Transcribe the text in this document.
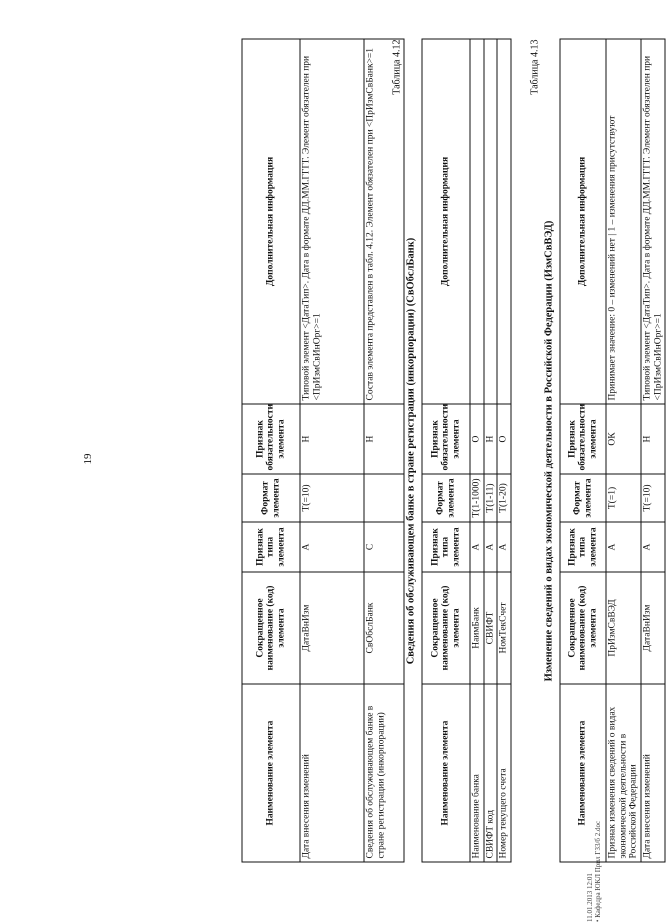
19
Наименование элемента	Сокращенное наименование (код) элемента	Признак типа элемента	Формат элемента	Признак обязательности элемента	Дополнительная информация
Дата внесения изменений	ДатаВнИзм	А	T(=10)	Н	Типовой элемент <ДатаТип>. Дата в формате ДД.ММ.ГГГГ. Элемент обязателен при <ПрИзмСвИнОрг>=1
Сведения об обслуживающем банке в стране регистрации (инкорпорации)	СвОбслБанк	С		Н	Состав элемента представлен в табл. 4.12. Элемент обязателен при <ПрИзмСвБанк>=1 Таблица 4.12
Сведения об обслуживающем банке в стране регистрации (инкорпорации) (СвОбслБанк)
Наименование элемента	Сокращенное наименование (код) элемента	Признак типа элемента	Формат элемента	Признак обязательности элемента	Дополнительная информация
Наименование банка	НаимБанк	А	T(1-1000)	О	
СВИФТ код	СВИФТ	А	T(1-11)	Н	
Номер текущего счета	НомТекСчет	А	T(1-20)	О	
Таблица 4.13
Изменение сведений о видах экономической деятельности в Российской Федерации (ИзмСвВЭД)
Наименование элемента	Сокращенное наименование (код) элемента	Признак типа элемента	Формат элемента	Признак обязательности элемента	Дополнительная информация
Признак изменения сведений о видах экономической деятельности в Российской Федерации	ПрИзмСвВЭД	А	T(=1)	ОК	Принимает значение: 0 – изменений нет | 1 – изменения присутствуют
Дата внесения изменений	ДатаВнИзм	А	T(=10)	Н	Типовой элемент <ДатаТип>. Дата в формате ДД.ММ.ГГГГ. Элемент обязателен при <ПрИзмСвИнОрг>=1
11.01.2013 12:01 • Кафедра ЮКЛ Прил ГЗ3/б 2.doc
